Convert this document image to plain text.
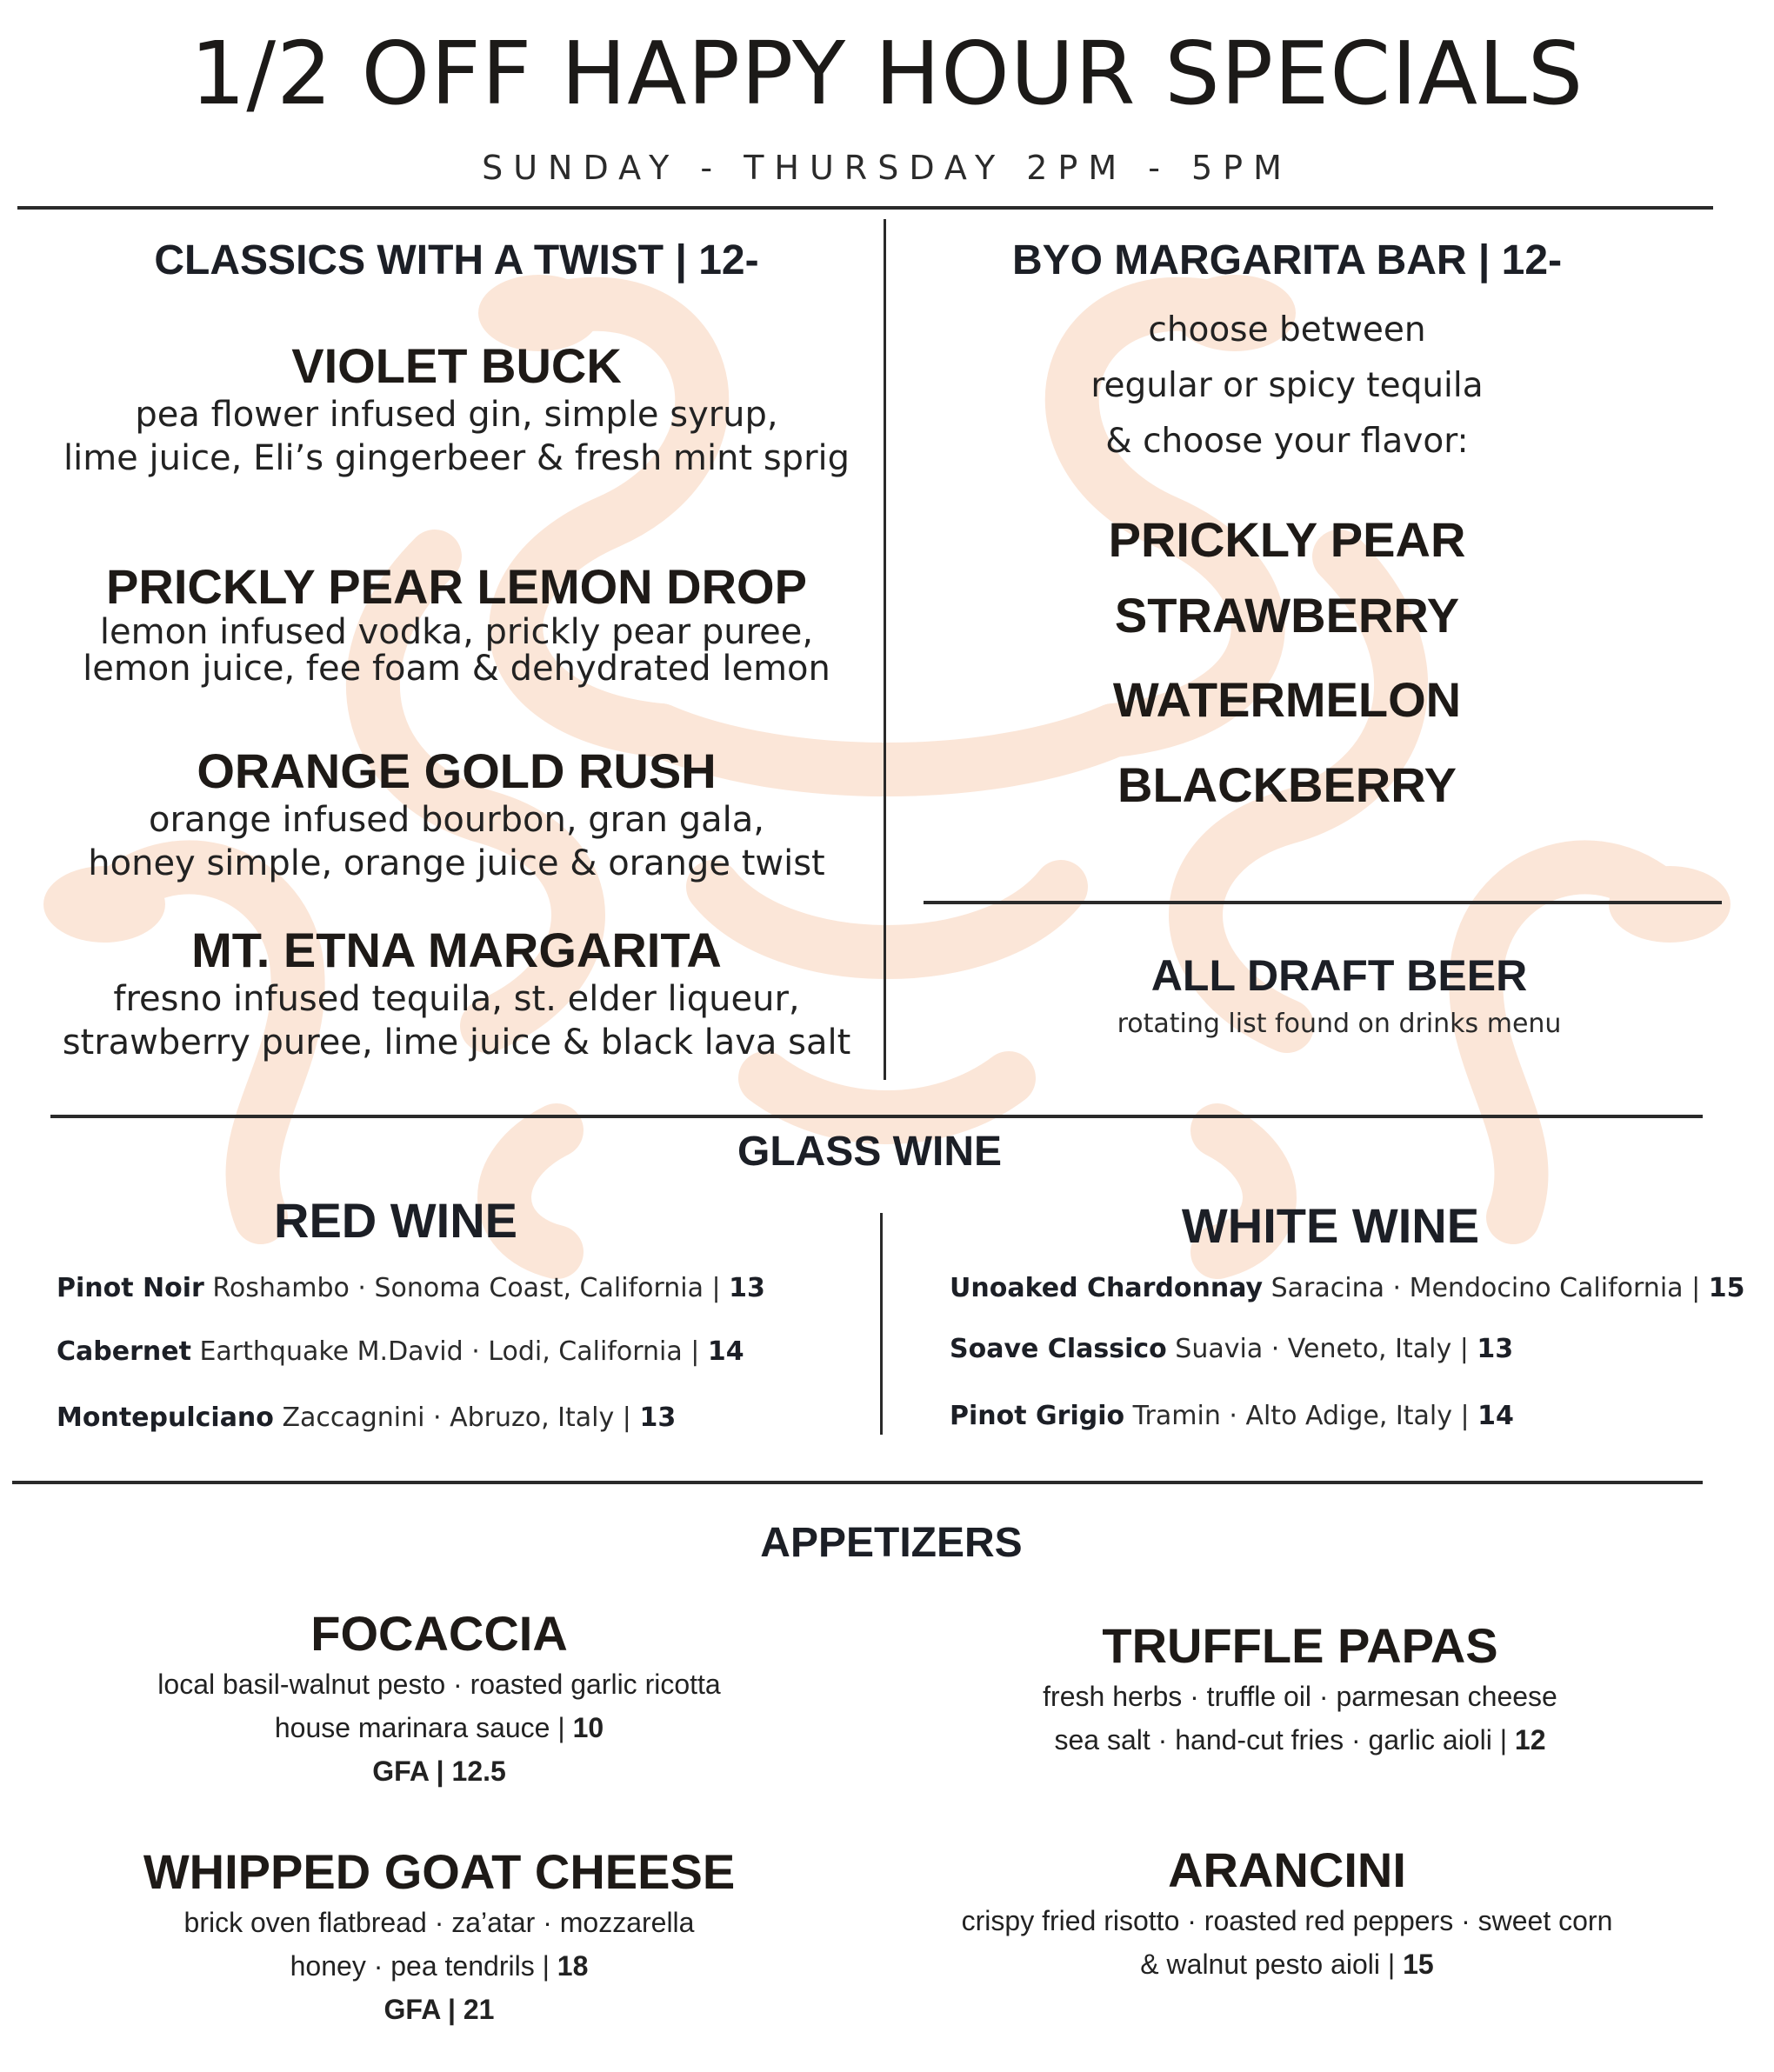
1/2 OFF HAPPY HOUR SPECIALS
SUNDAY - THURSDAY 2PM - 5PM
CLASSICS WITH A TWIST | 12-
VIOLET BUCK
pea flower infused gin, simple syrup,
lime juice, Eli’s gingerbeer & fresh mint sprig
PRICKLY PEAR LEMON DROP
lemon infused vodka, prickly pear puree,
lemon juice, fee foam & dehydrated lemon
ORANGE GOLD RUSH
orange infused bourbon, gran gala,
honey simple, orange juice & orange twist
MT. ETNA MARGARITA
fresno infused tequila, st. elder liqueur,
strawberry puree, lime juice & black lava salt
BYO MARGARITA BAR | 12-
choose between
regular or spicy tequila
& choose your flavor:
PRICKLY PEAR
STRAWBERRY
WATERMELON
BLACKBERRY
ALL DRAFT BEER
rotating list found on drinks menu
GLASS WINE
RED WINE	WHITE WINE
Pinot Noir Roshambo · Sonoma Coast, California | 13
Cabernet Earthquake M.David · Lodi, California | 14
Montepulciano Zaccagnini · Abruzo, Italy | 13
Unoaked Chardonnay Saracina · Mendocino California | 15
Soave Classico Suavia · Veneto, Italy | 13
Pinot Grigio Tramin · Alto Adige, Italy | 14
APPETIZERS
FOCACCIA
local basil-walnut pesto · roasted garlic ricotta
house marinara sauce | 10
GFA | 12.5
TRUFFLE PAPAS
fresh herbs · truffle oil · parmesan cheese
sea salt · hand-cut fries · garlic aioli | 12
WHIPPED GOAT CHEESE
brick oven flatbread · za’atar · mozzarella
honey · pea tendrils | 18
GFA | 21
ARANCINI
crispy fried risotto · roasted red peppers · sweet corn
& walnut pesto aioli | 15
